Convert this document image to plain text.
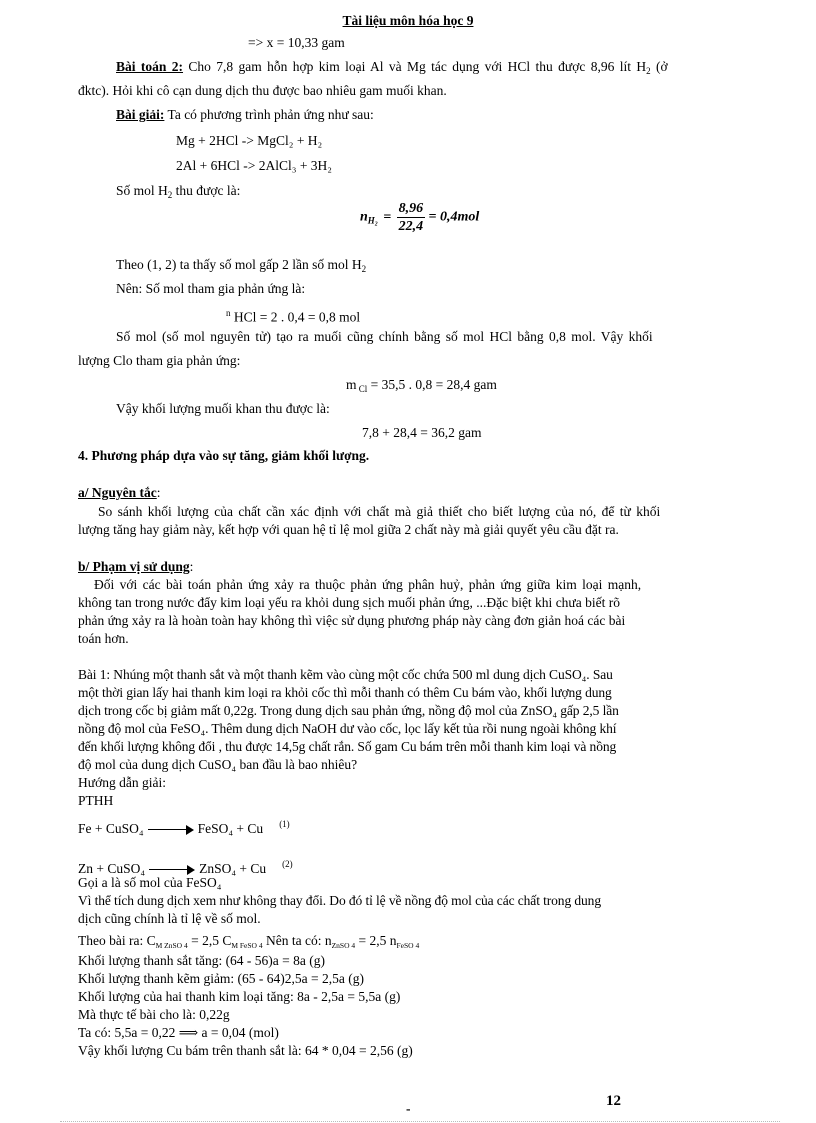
Tài liệu môn hóa học 9
=> x = 10,33 gam
Bài toán 2: Cho 7,8 gam hỗn hợp kim loại Al và Mg tác dụng với HCl thu được 8,96 lít $H_2$ (ở
đktc). Hỏi khi cô cạn dung dịch thu được bao nhiêu gam muối khan.
Bài giải: Ta có phương trình phản ứng như sau:
Mg + 2HCl -> MgCl₂ + H₂
2Al + 6HCl -> 2AlCl₃ + 3H₂
Số mol $H_2$ thu được là:
$n_{H_2} = \frac{8,96}{22,4} = 0,4mol$
Theo (1, 2) ta thấy số mol gấp 2 lần số mol $H_2$
Nên: Số mol tham gia phản ứng là:
$^n$ HCl = 2 . 0,4 = 0,8 mol
Số mol (số mol nguyên tử) tạo ra muối cũng chính bằng số mol HCl bằng 0,8 mol. Vậy khối
lượng Clo tham gia phản ứng:
m $_{Cl}$ = 35,5 . 0,8 = 28,4 gam
Vậy khối lượng muối khan thu được là:
7,8 + 28,4 = 36,2 gam
4. Phương pháp dựa vào sự tăng, giảm khối lượng.
a/ Nguyên tắc:
So sánh khối lượng của chất cần xác định với chất mà giả thiết cho biết lượng của nó, để từ khối
lượng tăng hay giảm này, kết hợp với quan hệ tỉ lệ mol giữa 2 chất này mà giải quyết yêu cầu đặt ra.
b/ Phạm vị sử dụng:
Đối với các bài toán phản ứng xảy ra thuộc phản ứng phân huỷ, phản ứng giữa kim loại mạnh,
không tan trong nước đẩy kim loại yếu ra khỏi dung sịch muối phản ứng, ...Đặc biệt khi chưa biết rõ
phản ứng xảy ra là hoàn toàn hay không thì việc sử dụng phương pháp này càng đơn giản hoá các bài
toán hơn.
Bài 1: Nhúng một thanh sắt và một thanh kẽm vào cùng một cốc chứa 500 ml dung dịch CuSO₄. Sau
một thời gian lấy hai thanh kim loại ra khỏi cốc thì mỗi thanh có thêm Cu bám vào, khối lượng dung
dịch trong cốc bị giảm mất 0,22g. Trong dung dịch sau phản ứng, nồng độ mol của ZnSO₄ gấp 2,5 lần
nồng độ mol của FeSO₄. Thêm dung dịch NaOH dư vào cốc, lọc lấy kết tủa rồi nung ngoài không khí
đến khối lượng không đổi , thu được 14,5g chất rắn. Số gam Cu bám trên mỗi thanh kim loại và nồng
độ mol của dung dịch CuSO₄ ban đầu là bao nhiêu?
Hướng dẫn giải:
PTHH
Fe + CuSO₄	FeSO₄ + Cu $^{(1)}$
Zn + CuSO₄	ZnSO₄ + Cu $^{(2)}$
Gọi a là số mol của FeSO₄
Vì thể tích dung dịch xem như không thay đổi. Do đó tỉ lệ về nồng độ mol của các chất trong dung
dịch cũng chính là tỉ lệ về số mol.
Theo bài ra: $C_{M ZnSO 4} = 2,5$ $C_{M FeSO 4}$ Nên ta có: $n_{ZnSO 4} = 2,5$ $n_{FeSO 4}$
Khối lượng thanh sắt tăng: (64 - 56)a = 8a (g)
Khối lượng thanh kẽm giảm: (65 - 64)2,5a = 2,5a (g)
Khối lượng của hai thanh kim loại tăng: 8a - 2,5a = 5,5a (g)
Mà thực tế bài cho là: 0,22g
Ta có: 5,5a = 0,22 ⟹ a = 0,04 (mol)
Vậy khối lượng Cu bám trên thanh sắt là: 64 * 0,04 = 2,56 (g)
-	12
